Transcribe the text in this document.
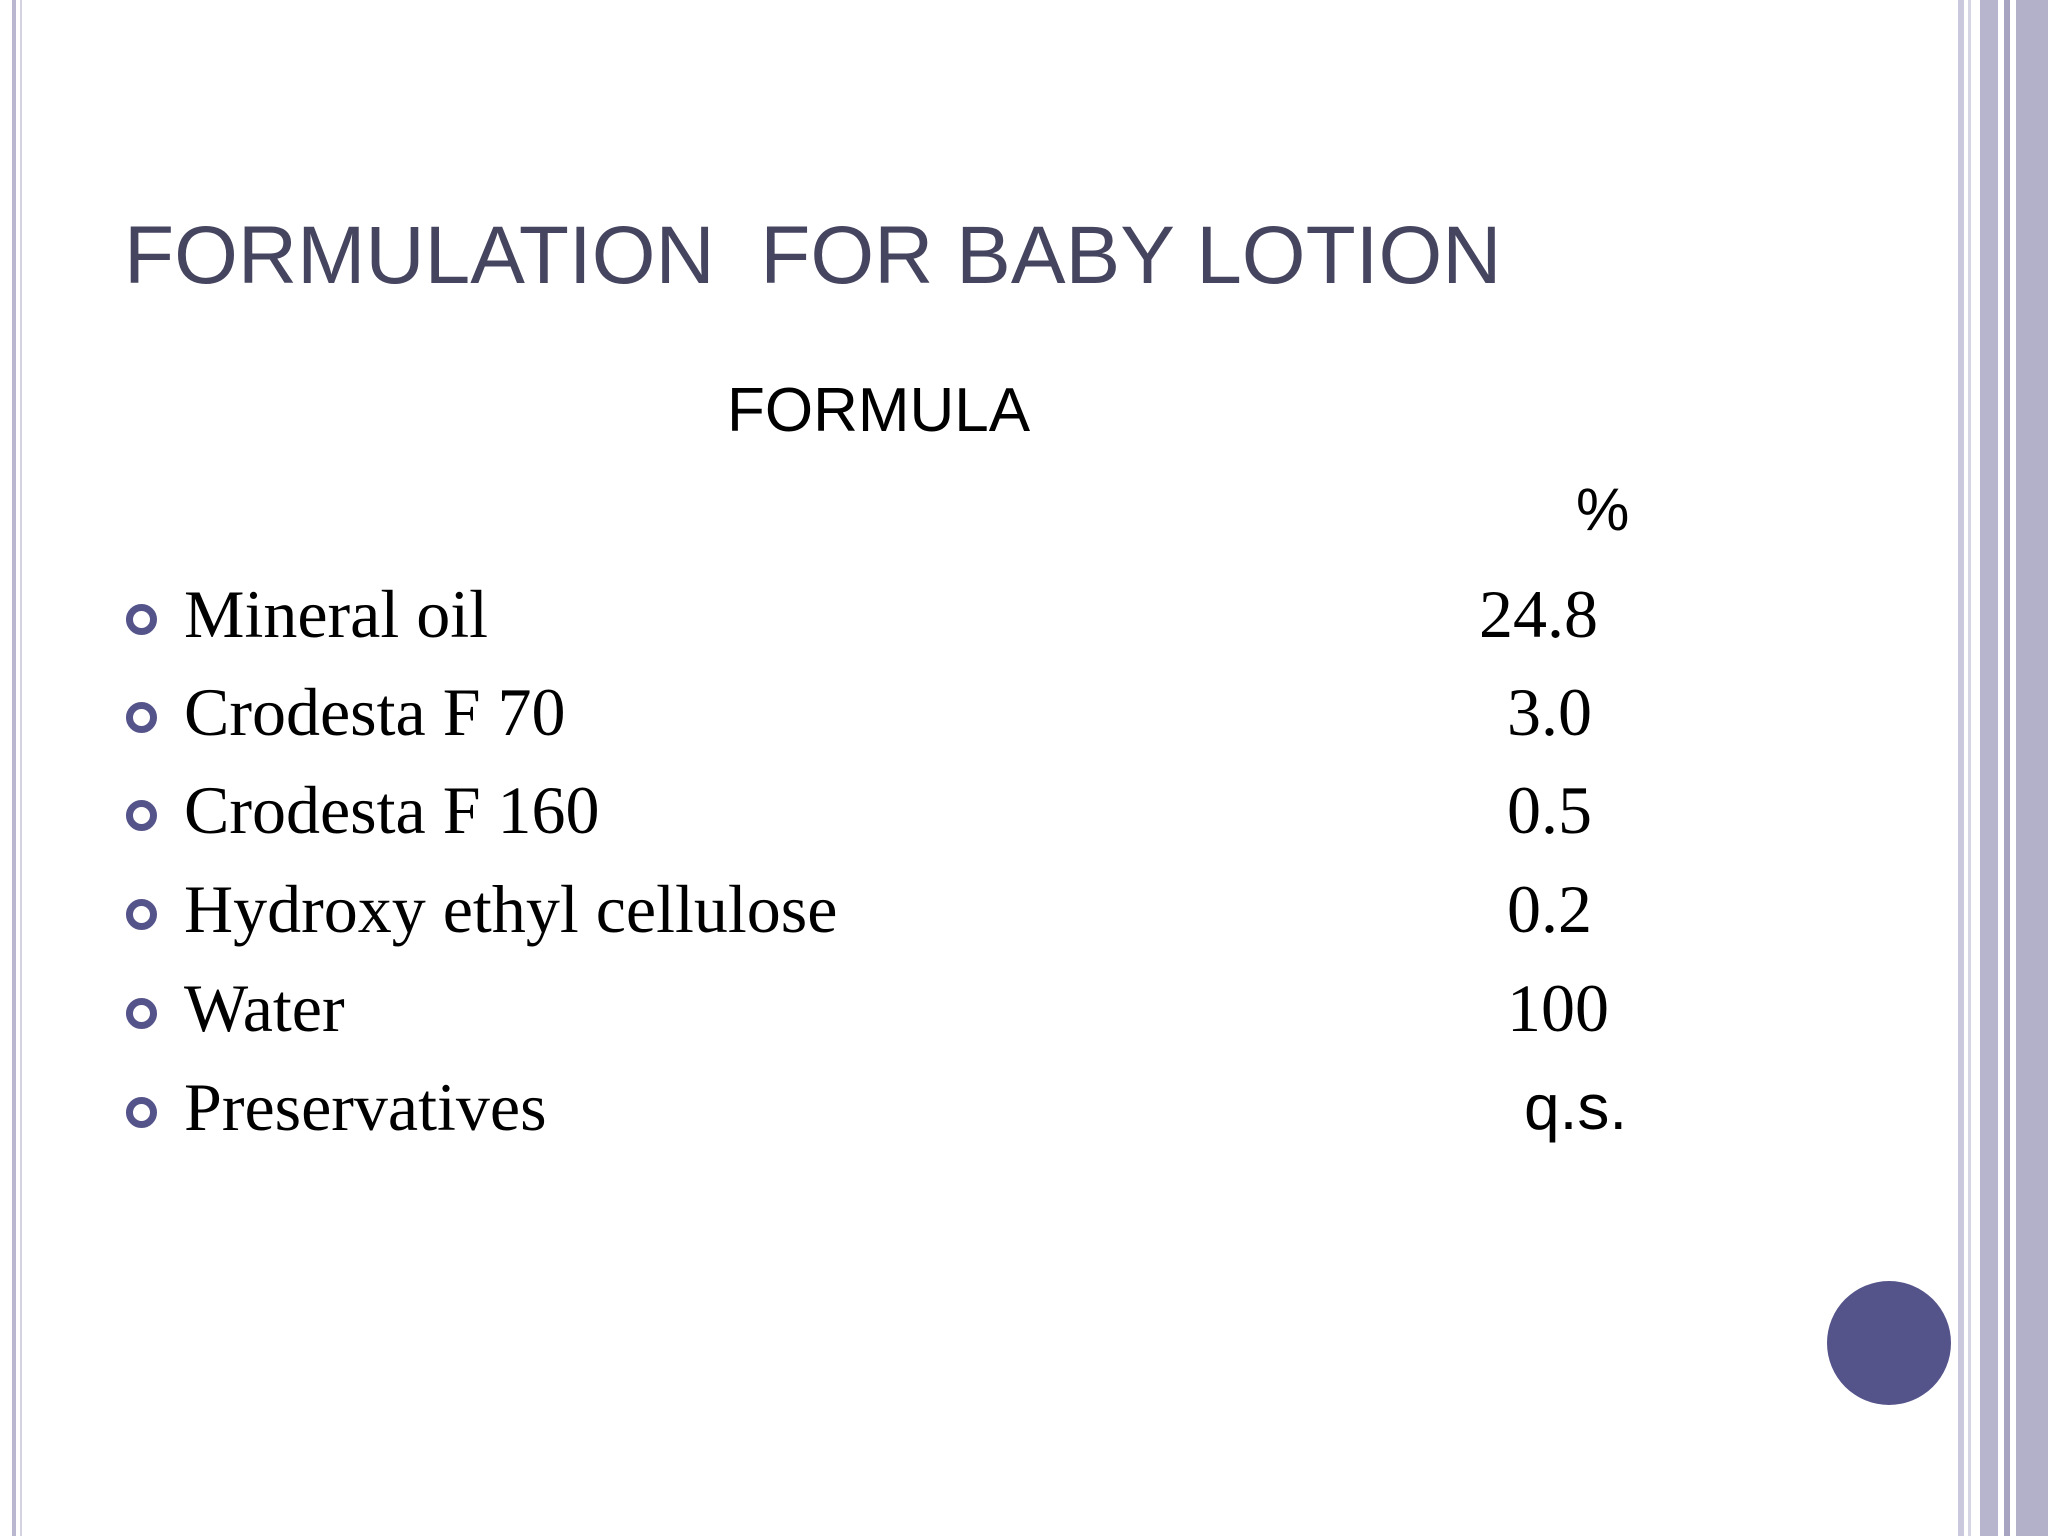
FORMULATION  FOR BABY LOTION
FORMULA
%
Mineral oil	24.8
Crodesta F 70	3.0
Crodesta F 160	0.5
Hydroxy ethyl cellulose	0.2
Water	100
Preservatives	q.s.
